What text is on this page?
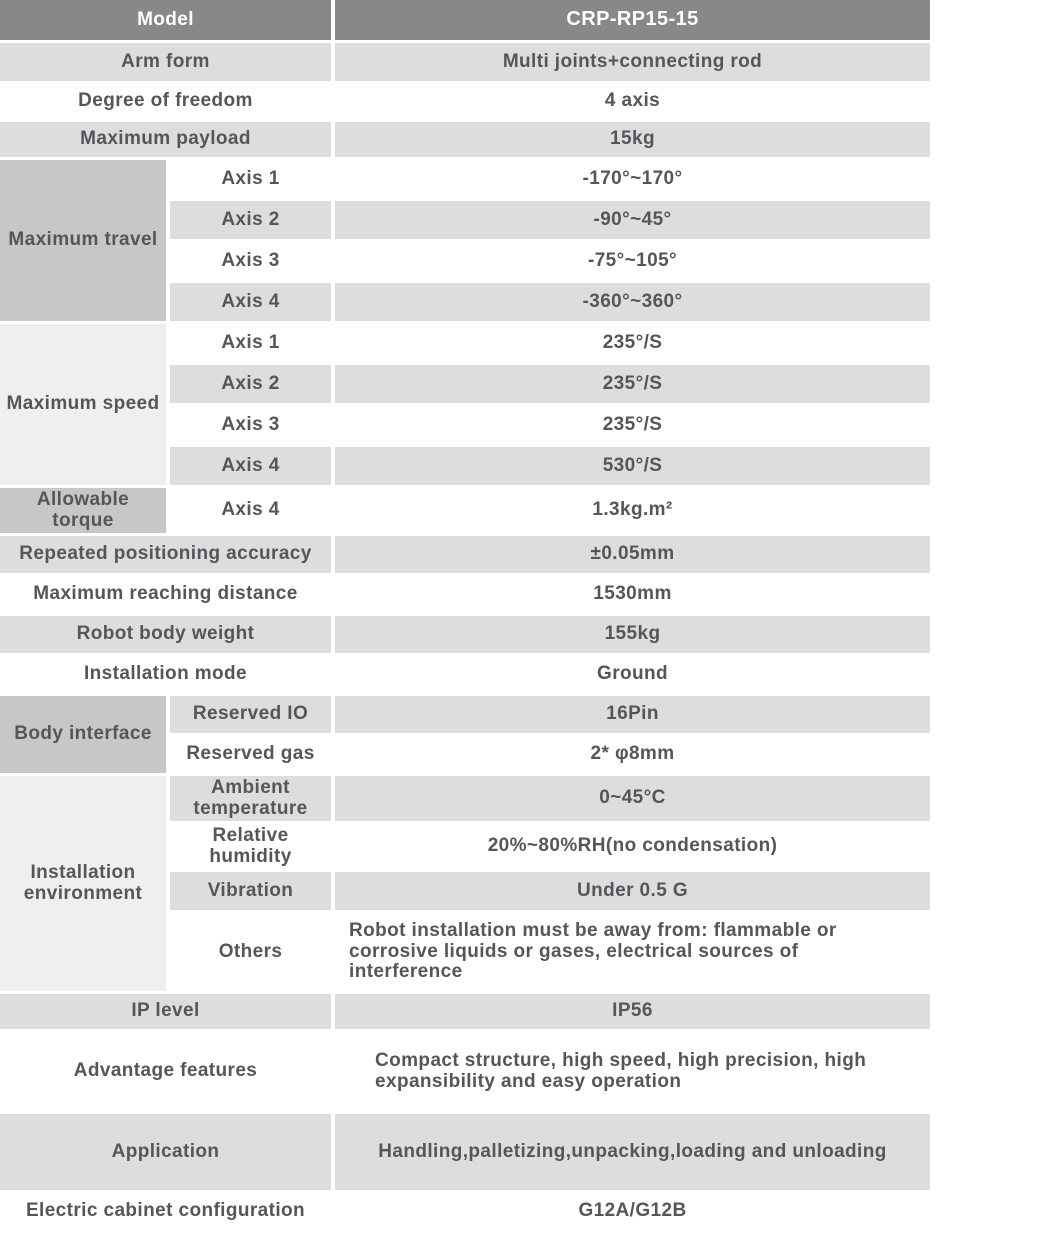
Model		CRP-RP15-15
Arm form		Multi joints+connecting rod
Degree of freedom		4 axis
Maximum payload		15kg
Maximum travel	Axis 1	-170°~170°
	Axis 2	-90°~45°
	Axis 3	-75°~105°
	Axis 4	-360°~360°
Maximum speed	Axis 1	235°/S
	Axis 2	235°/S
	Axis 3	235°/S
	Axis 4	530°/S
Allowable torque	Axis 4	1.3kg.m²
Repeated positioning accuracy		±0.05mm
Maximum reaching distance		1530mm
Robot body weight		155kg
Installation mode		Ground
Body interface	Reserved IO	16Pin
	Reserved gas	2* φ8mm
Installation environment	Ambient temperature	0~45°C
	Relative humidity	20%~80%RH(no condensation)
	Vibration	Under 0.5 G
	Others	Robot installation must be away from: flammable or corrosive liquids or gases, electrical sources of interference
IP level		IP56
Advantage features		Compact structure, high speed, high precision, high expansibility and easy operation
Application		Handling,palletizing,unpacking,loading and unloading
Electric cabinet configuration		G12A/G12B
